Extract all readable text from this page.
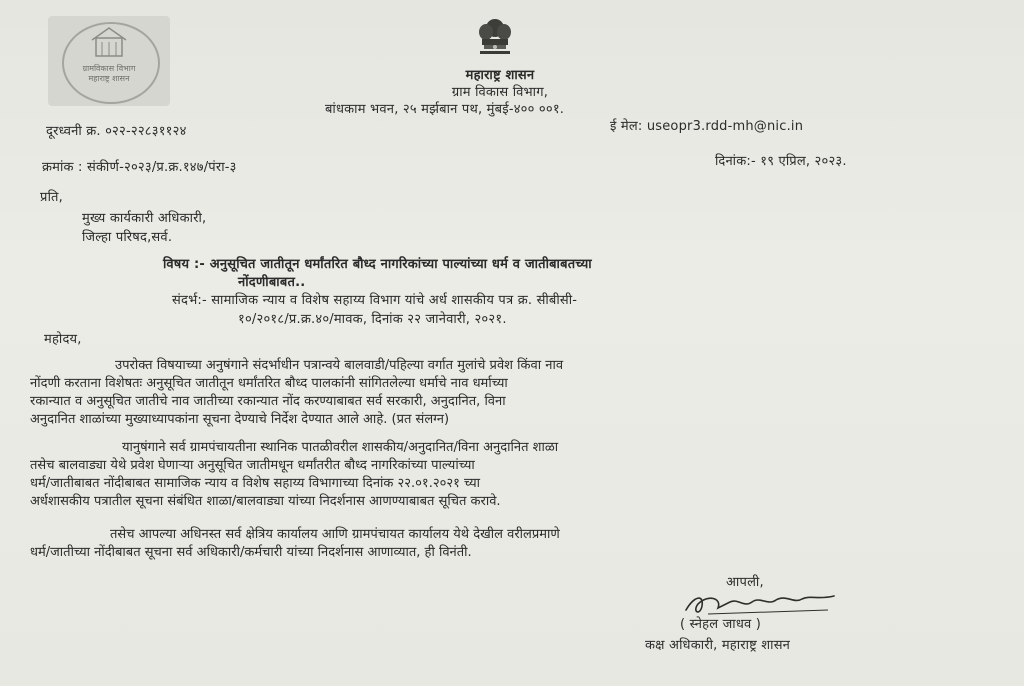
ग्रामविकास विभाग
महाराष्ट्र शासन	महाराष्ट्र शासन
ग्राम विकास विभाग,
बांधकाम भवन, २५ मर्झबान पथ, मुंबई-४०० ००१.
दूरध्वनी क्र. ०२२-२२८३११२४	ई मेल: useopr3.rdd-mh@nic.in
क्रमांक : संकीर्ण-२०२३/प्र.क्र.१४७/पंरा-३	दिनांक:- १९ एप्रिल, २०२३.
प्रति,
मुख्य कार्यकारी अधिकारी,
जिल्हा परिषद,सर्व.
विषय :- अनुसूचित जातीतून धर्मांतरित बौध्द नागरिकांच्या पाल्यांच्या धर्म व जातीबाबतच्या
नोंदणीबाबत..
संदर्भ:- सामाजिक न्याय व विशेष सहाय्य विभाग यांचे अर्ध शासकीय पत्र क्र. सीबीसी-
१०/२०१८/प्र.क्र.४०/मावक, दिनांक २२ जानेवारी, २०२१.
महोदय,
उपरोक्त विषयाच्या अनुषंगाने संदर्भाधीन पत्रान्वये बालवाडी/पहिल्या वर्गात मुलांचे प्रवेश किंवा नाव
नोंदणी करताना विशेषतः अनुसूचित जातीतून धर्मांतरित बौध्द पालकांनी सांगितलेल्या धर्माचे नाव धर्माच्या
रकान्यात व अनुसूचित जातीचे नाव जातीच्या रकान्यात नोंद करण्याबाबत सर्व सरकारी, अनुदानित, विना
अनुदानित शाळांच्या मुख्याध्यापकांना सूचना देण्याचे निर्देश देण्यात आले आहे. (प्रत संलग्न)
यानुषंगाने सर्व ग्रामपंचायतीना स्थानिक पातळीवरील शासकीय/अनुदानित/विना अनुदानित शाळा
तसेच बालवाड्या येथे प्रवेश घेणाऱ्या अनुसूचित जातीमधून धर्मांतरीत बौध्द नागरिकांच्या पाल्यांच्या
धर्म/जातीबाबत नोंदीबाबत सामाजिक न्याय व विशेष सहाय्य विभागाच्या दिनांक २२.०१.२०२१ च्या
अर्धशासकीय पत्रातील सूचना संबंधित शाळा/बालवाड्या यांच्या निदर्शनास आणण्याबाबत सूचित करावे.
तसेच आपल्या अधिनस्त सर्व क्षेत्रिय कार्यालय आणि ग्रामपंचायत कार्यालय येथे देखील वरीलप्रमाणे
धर्म/जातीच्या नोंदीबाबत सूचना सर्व अधिकारी/कर्मचारी यांच्या निदर्शनास आणाव्यात, ही विनंती.
आपली,
( स्नेहल जाधव )
कक्ष अधिकारी, महाराष्ट्र शासन
